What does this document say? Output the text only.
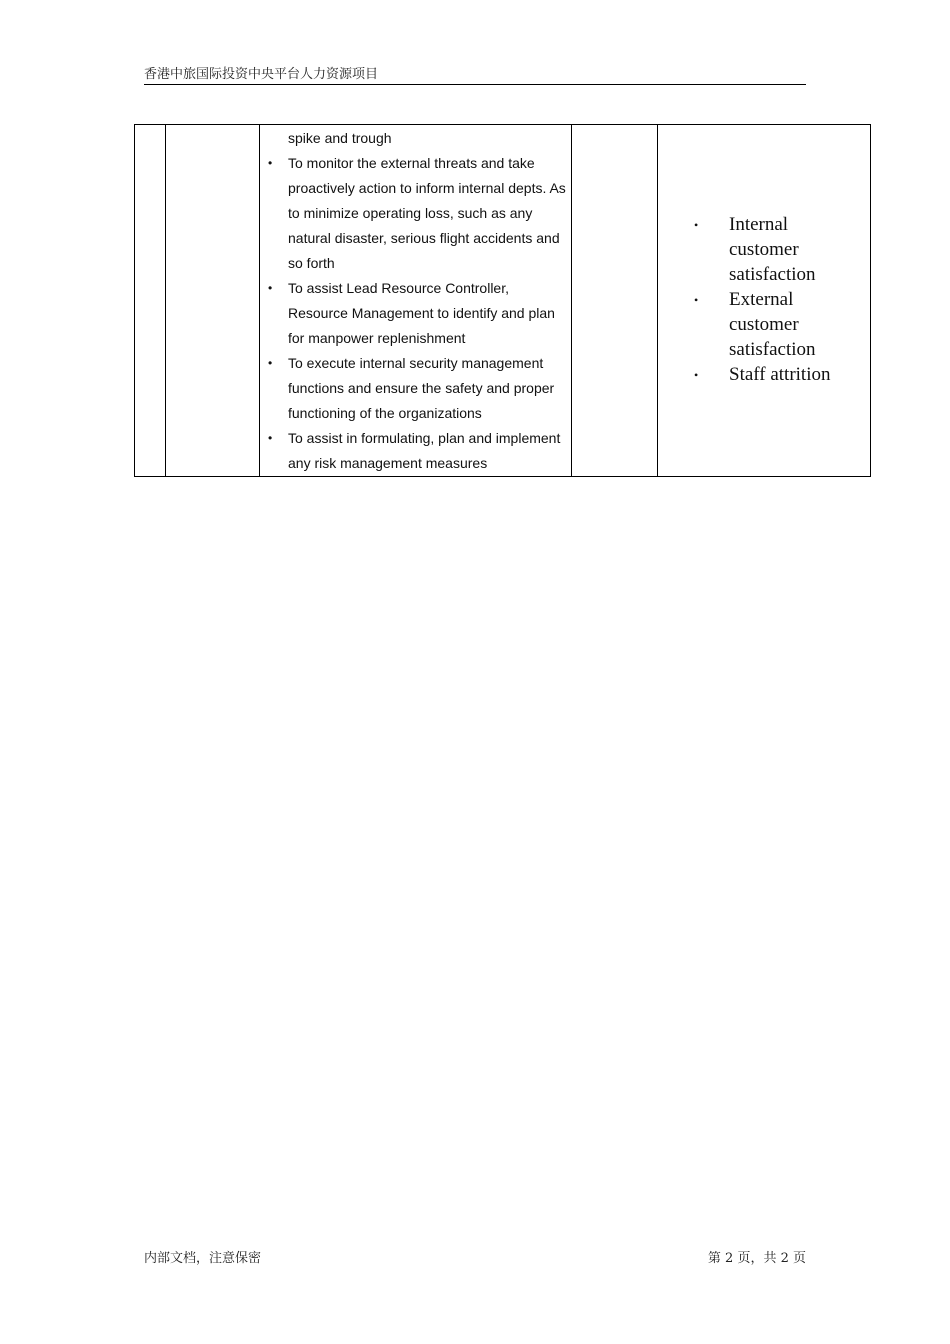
香港中旅国际投资中央平台人力资源项目

spike and trough
• To monitor the external threats and take proactively action to inform internal depts. As to minimize operating loss, such as any natural disaster, serious flight accidents and so forth
• To assist Lead Resource Controller, Resource Management to identify and plan for manpower replenishment
• To execute internal security management functions and ensure the safety and proper functioning of the organizations
• To assist in formulating, plan and implement any risk management measures

• Internal customer satisfaction
• External customer satisfaction
• Staff attrition
内部文档，注意保密	第 2 页，共 2 页
